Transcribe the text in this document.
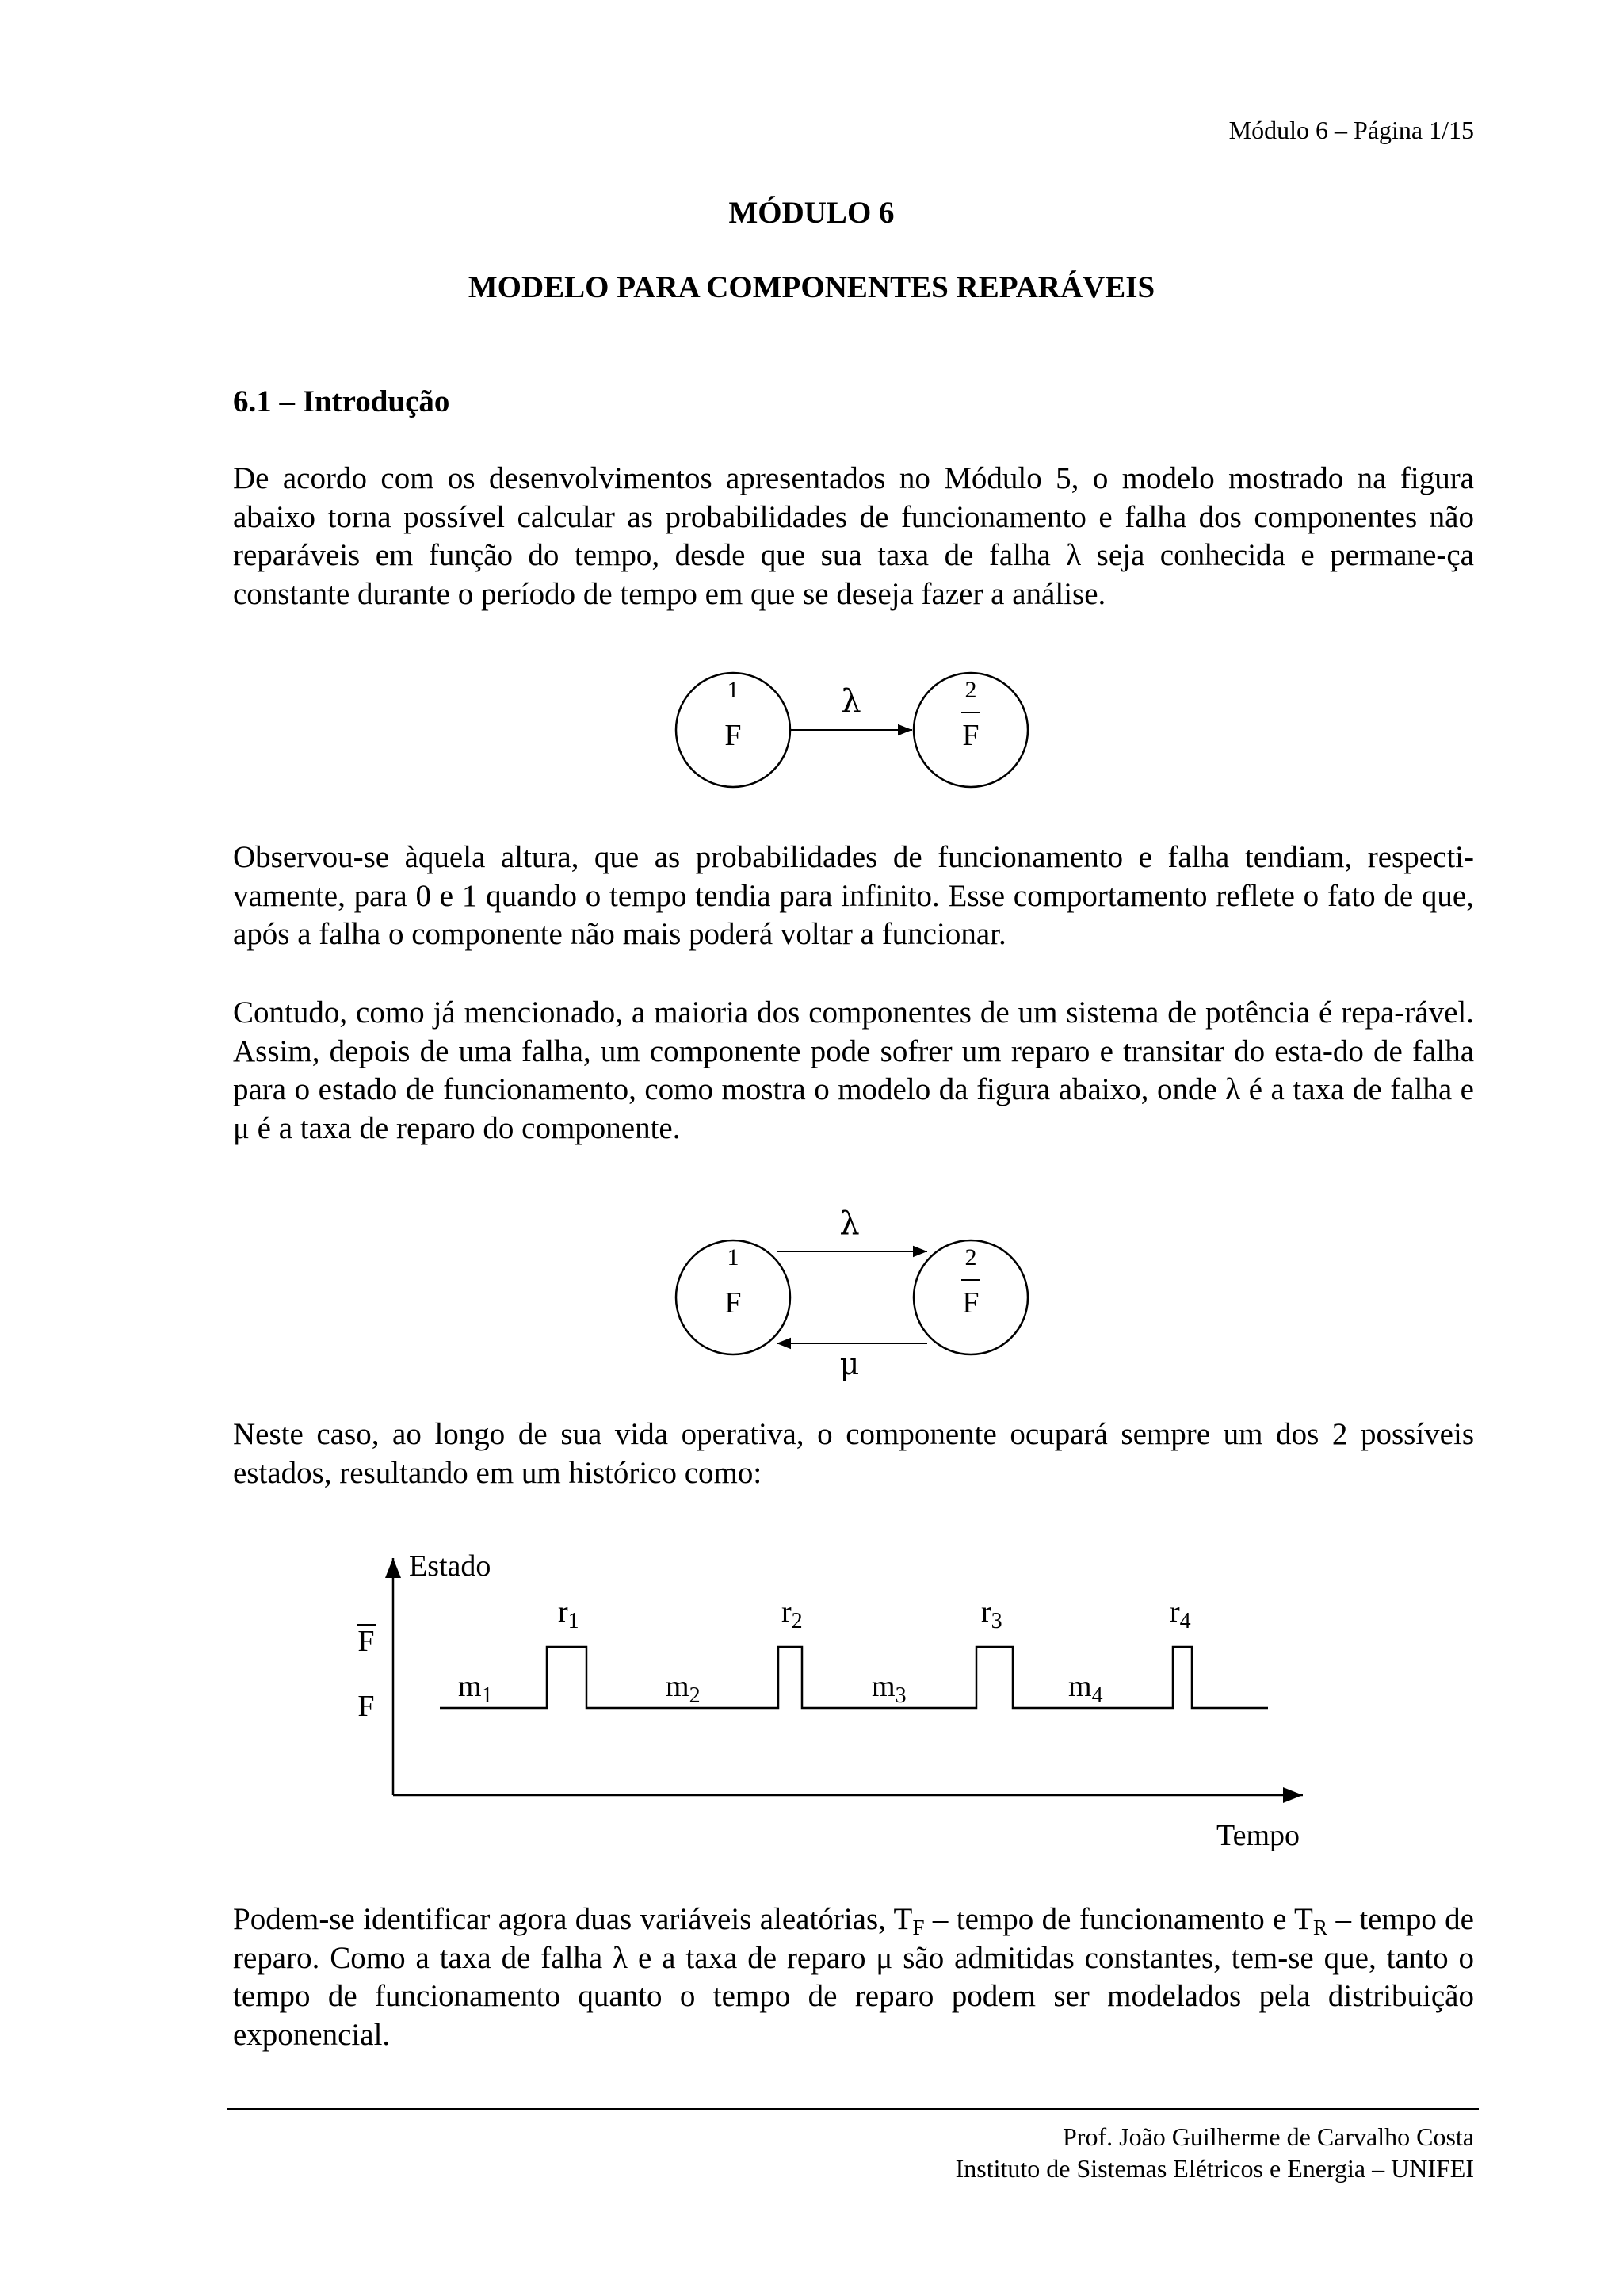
Módulo 6 – Página 1/15
MÓDULO 6
MODELO PARA COMPONENTES REPARÁVEIS
6.1 – Introdução

De acordo com os desenvolvimentos apresentados no Módulo 5, o modelo mostrado na figura abaixo torna possível calcular as probabilidades de funcionamento e falha dos componentes não reparáveis em função do tempo, desde que sua taxa de falha λ seja conhecida e permane-ça constante durante o período de tempo em que se deseja fazer a análise.

1
F
2
F
λ

Observou-se àquela altura, que as probabilidades de funcionamento e falha tendiam, respecti-vamente, para 0 e 1 quando o tempo tendia para infinito. Esse comportamento reflete o fato de que, após a falha o componente não mais poderá voltar a funcionar.

Contudo, como já mencionado, a maioria dos componentes de um sistema de potência é repa-rável. Assim, depois de uma falha, um componente pode sofrer um reparo e transitar do esta-do de falha para o estado de funcionamento, como mostra o modelo da figura abaixo, onde λ é a taxa de falha e μ é a taxa de reparo do componente.

1
F
2
F
λ
μ

Neste caso, ao longo de sua vida operativa, o componente ocupará sempre um dos 2 possíveis estados, resultando em um histórico como:

Estado
Tempo
F
F
$m_1$	$m_2$	$m_3$	$m_4$
$r_1$	$r_2$	$r_3$	$r_4$

Podem-se identificar agora duas variáveis aleatórias, $T_F$ – tempo de funcionamento e $T_R$ – tempo de reparo. Como a taxa de falha λ e a taxa de reparo μ são admitidas constantes, tem-se que, tanto o tempo de funcionamento quanto o tempo de reparo podem ser modelados pela distribuição exponencial.

Prof. João Guilherme de Carvalho Costa
Instituto de Sistemas Elétricos e Energia – UNIFEI
